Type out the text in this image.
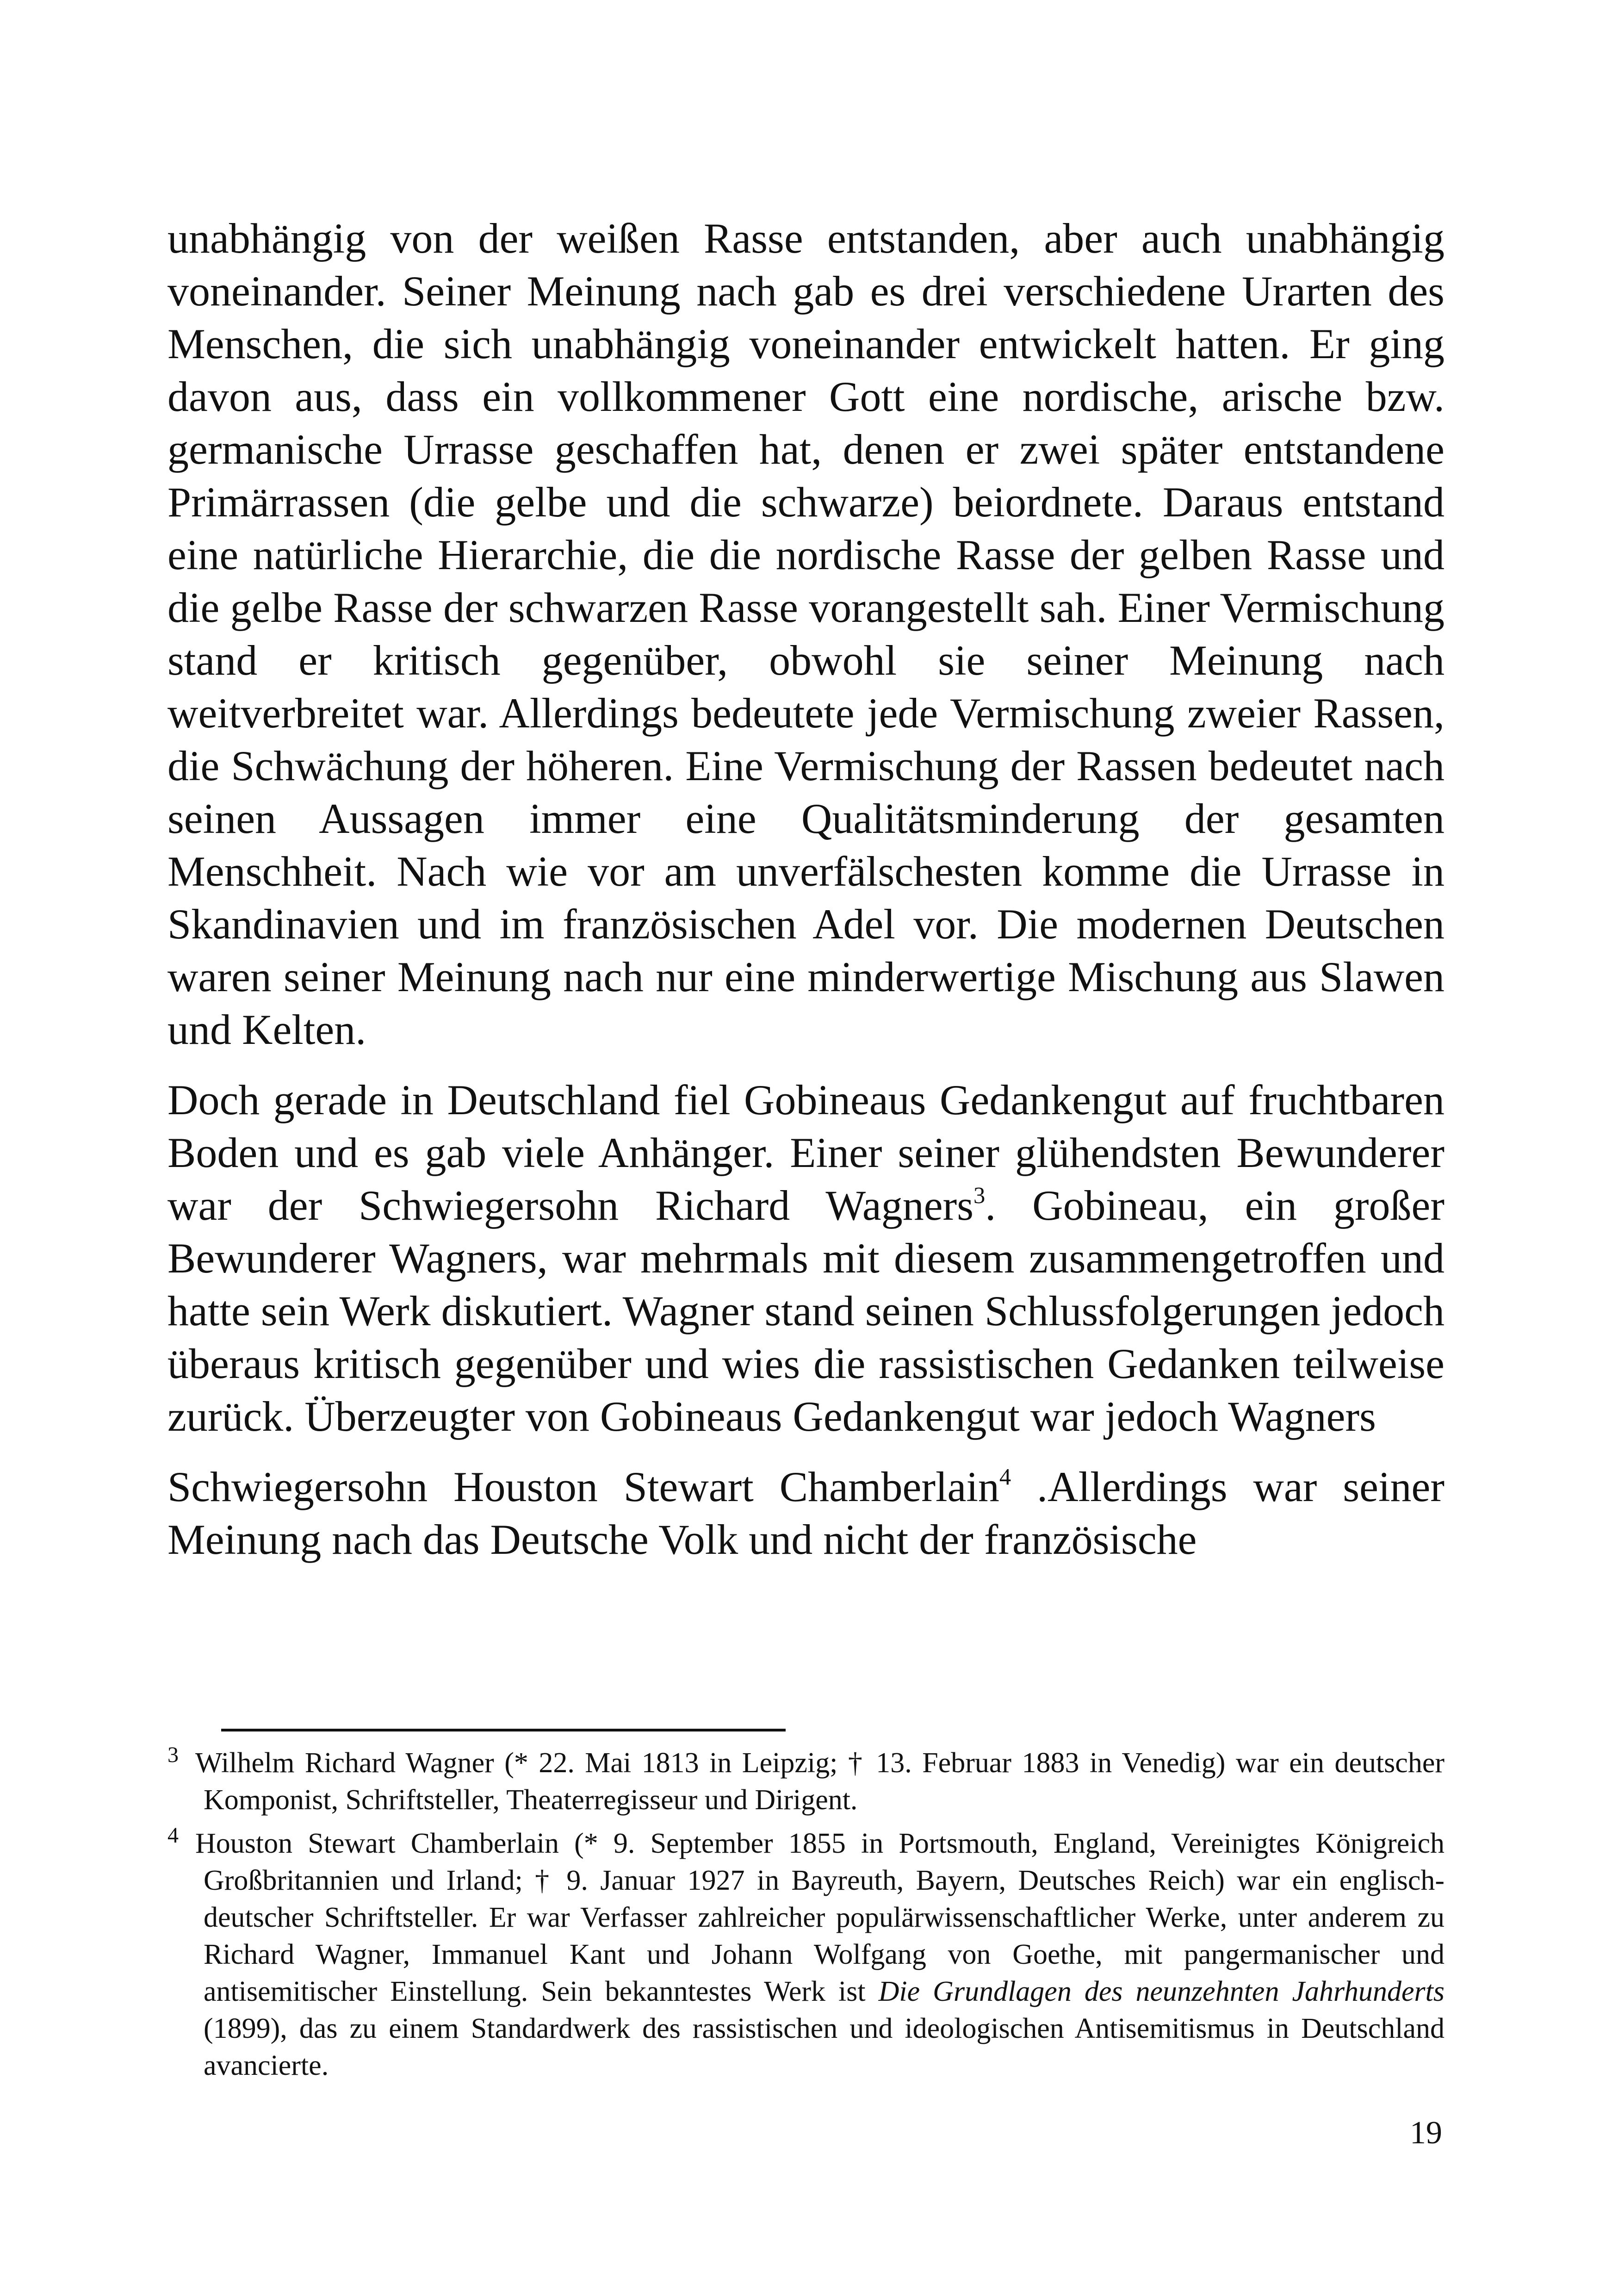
unabhängig von der weißen Rasse entstanden, aber auch unabhängig voneinander. Seiner Meinung nach gab es drei verschiedene Urarten des Menschen, die sich unabhängig voneinander entwickelt hatten. Er ging davon aus, dass ein vollkommener Gott eine nordische, arische bzw. germanische Urrasse geschaffen hat, denen er zwei später entstandene Primärrassen (die gelbe und die schwarze) beiordnete. Daraus entstand eine natürliche Hierarchie, die die nordische Rasse der gelben Rasse und die gelbe Rasse der schwarzen Rasse vorangestellt sah. Einer Vermischung stand er kritisch gegenüber, obwohl sie seiner Meinung nach weitverbreitet war. Allerdings bedeutete jede Vermischung zweier Rassen, die Schwächung der höheren. Eine Vermischung der Rassen bedeutet nach seinen Aussagen immer eine Qualitätsminderung der gesamten Menschheit. Nach wie vor am unverfälschesten komme die Urrasse in Skandinavien und im französischen Adel vor. Die modernen Deutschen waren seiner Meinung nach nur eine minderwertige Mischung aus Slawen und Kelten.

Doch gerade in Deutschland fiel Gobineaus Gedankengut auf fruchtbaren Boden und es gab viele Anhänger. Einer seiner glühendsten Bewunderer war der Schwiegersohn Richard Wagners$^3$. Gobineau, ein großer Bewunderer Wagners, war mehrmals mit diesem zusammengetroffen und hatte sein Werk diskutiert. Wagner stand seinen Schlussfolgerungen jedoch überaus kritisch gegenüber und wies die rassistischen Gedanken teilweise zurück. Überzeugter von Gobineaus Gedankengut war jedoch Wagners

Schwiegersohn Houston Stewart Chamberlain$^4$ .Allerdings war seiner Meinung nach das Deutsche Volk und nicht der französische

3 Wilhelm Richard Wagner (* 22. Mai 1813 in Leipzig; † 13. Februar 1883 in Venedig) war ein deutscher Komponist, Schriftsteller, Theaterregisseur und Dirigent.

4 Houston Stewart Chamberlain (* 9. September 1855 in Portsmouth, England, Vereinigtes Königreich Großbritannien und Irland; † 9. Januar 1927 in Bayreuth, Bayern, Deutsches Reich) war ein englisch-deutscher Schriftsteller. Er war Verfasser zahlreicher populärwissenschaftlicher Werke, unter anderem zu Richard Wagner, Immanuel Kant und Johann Wolfgang von Goethe, mit pangermanischer und antisemitischer Einstellung. Sein bekanntestes Werk ist Die Grundlagen des neunzehnten Jahrhunderts (1899), das zu einem Standardwerk des rassistischen und ideologischen Antisemitismus in Deutschland avancierte.

19
